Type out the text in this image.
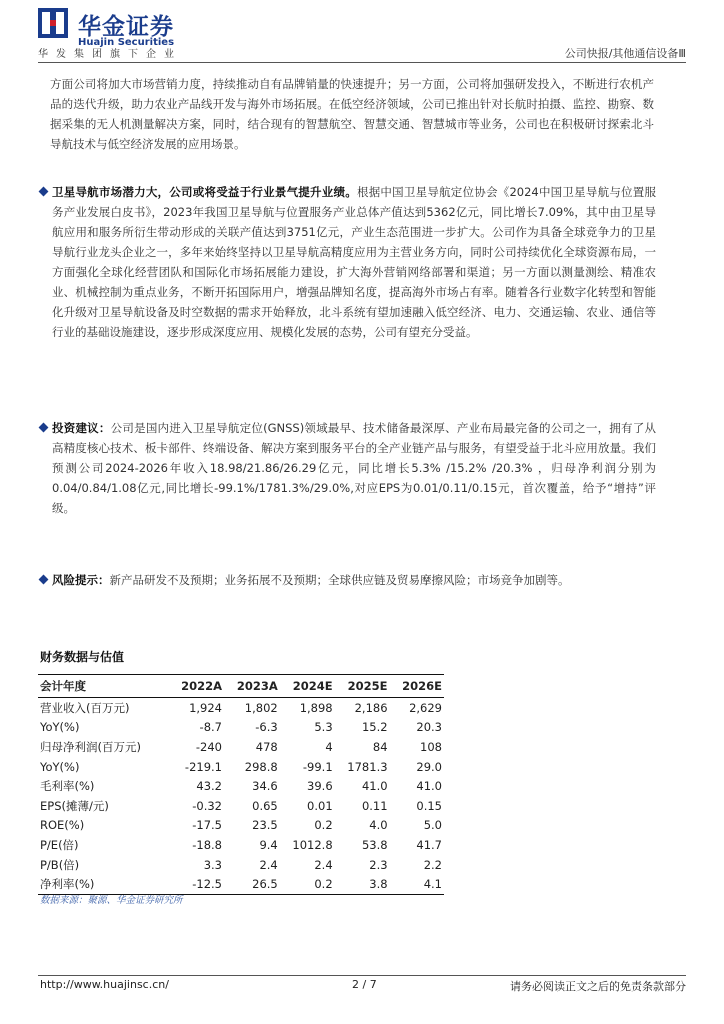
华金证券
Huajin Securities
华发集团旗下企业	公司快报/其他通信设备Ⅲ

方面公司将加大市场营销力度，持续推动自有品牌销量的快速提升；另一方面，公司将加强研发投入，不断进行农机产品的迭代升级，助力农业产品线开发与海外市场拓展。在低空经济领域，公司已推出针对长航时拍摄、监控、勘察、数据采集的无人机测量解决方案，同时，结合现有的智慧航空、智慧交通、智慧城市等业务，公司也在积极研讨探索北斗导航技术与低空经济发展的应用场景。

卫星导航市场潜力大，公司或将受益于行业景气提升业绩。根据中国卫星导航定位协会《2024中国卫星导航与位置服务产业发展白皮书》，2023年我国卫星导航与位置服务产业总体产值达到5362亿元，同比增长7.09%，其中由卫星导航应用和服务所衍生带动形成的关联产值达到3751亿元，产业生态范围进一步扩大。公司作为具备全球竞争力的卫星导航行业龙头企业之一，多年来始终坚持以卫星导航高精度应用为主营业务方向，同时公司持续优化全球资源布局，一方面强化全球化经营团队和国际化市场拓展能力建设，扩大海外营销网络部署和渠道；另一方面以测量测绘、精准农业、机械控制为重点业务，不断开拓国际用户，增强品牌知名度，提高海外市场占有率。随着各行业数字化转型和智能化升级对卫星导航设备及时空数据的需求开始释放，北斗系统有望加速融入低空经济、电力、交通运输、农业、通信等行业的基础设施建设，逐步形成深度应用、规模化发展的态势，公司有望充分受益。

投资建议：公司是国内进入卫星导航定位(GNSS)领域最早、技术储备最深厚、产业布局最完备的公司之一，拥有了从高精度核心技术、板卡部件、终端设备、解决方案到服务平台的全产业链产品与服务，有望受益于北斗应用放量。我们预测公司2024-2026年收入18.98/21.86/26.29亿元，同比增长5.3% /15.2% /20.3% ，归母净利润分别为0.04/0.84/1.08亿元,同比增长-99.1%/1781.3%/29.0%,对应EPS为0.01/0.11/0.15元，首次覆盖，给予“增持”评级。

风险提示：新产品研发不及预期；业务拓展不及预期；全球供应链及贸易摩擦风险；市场竞争加剧等。

财务数据与估值
会计年度	2022A	2023A	2024E	2025E	2026E
营业收入(百万元)	1,924	1,802	1,898	2,186	2,629
YoY(%)	-8.7	-6.3	5.3	15.2	20.3
归母净利润(百万元)	-240	478	4	84	108
YoY(%)	-219.1	298.8	-99.1	1781.3	29.0
毛利率(%)	43.2	34.6	39.6	41.0	41.0
EPS(摊薄/元)	-0.32	0.65	0.01	0.11	0.15
ROE(%)	-17.5	23.5	0.2	4.0	5.0
P/E(倍)	-18.8	9.4	1012.8	53.8	41.7
P/B(倍)	3.3	2.4	2.4	2.3	2.2
净利率(%)	-12.5	26.5	0.2	3.8	4.1
数据来源：聚源、华金证券研究所
http://www.huajinsc.cn/	2 / 7	请务必阅读正文之后的免责条款部分
